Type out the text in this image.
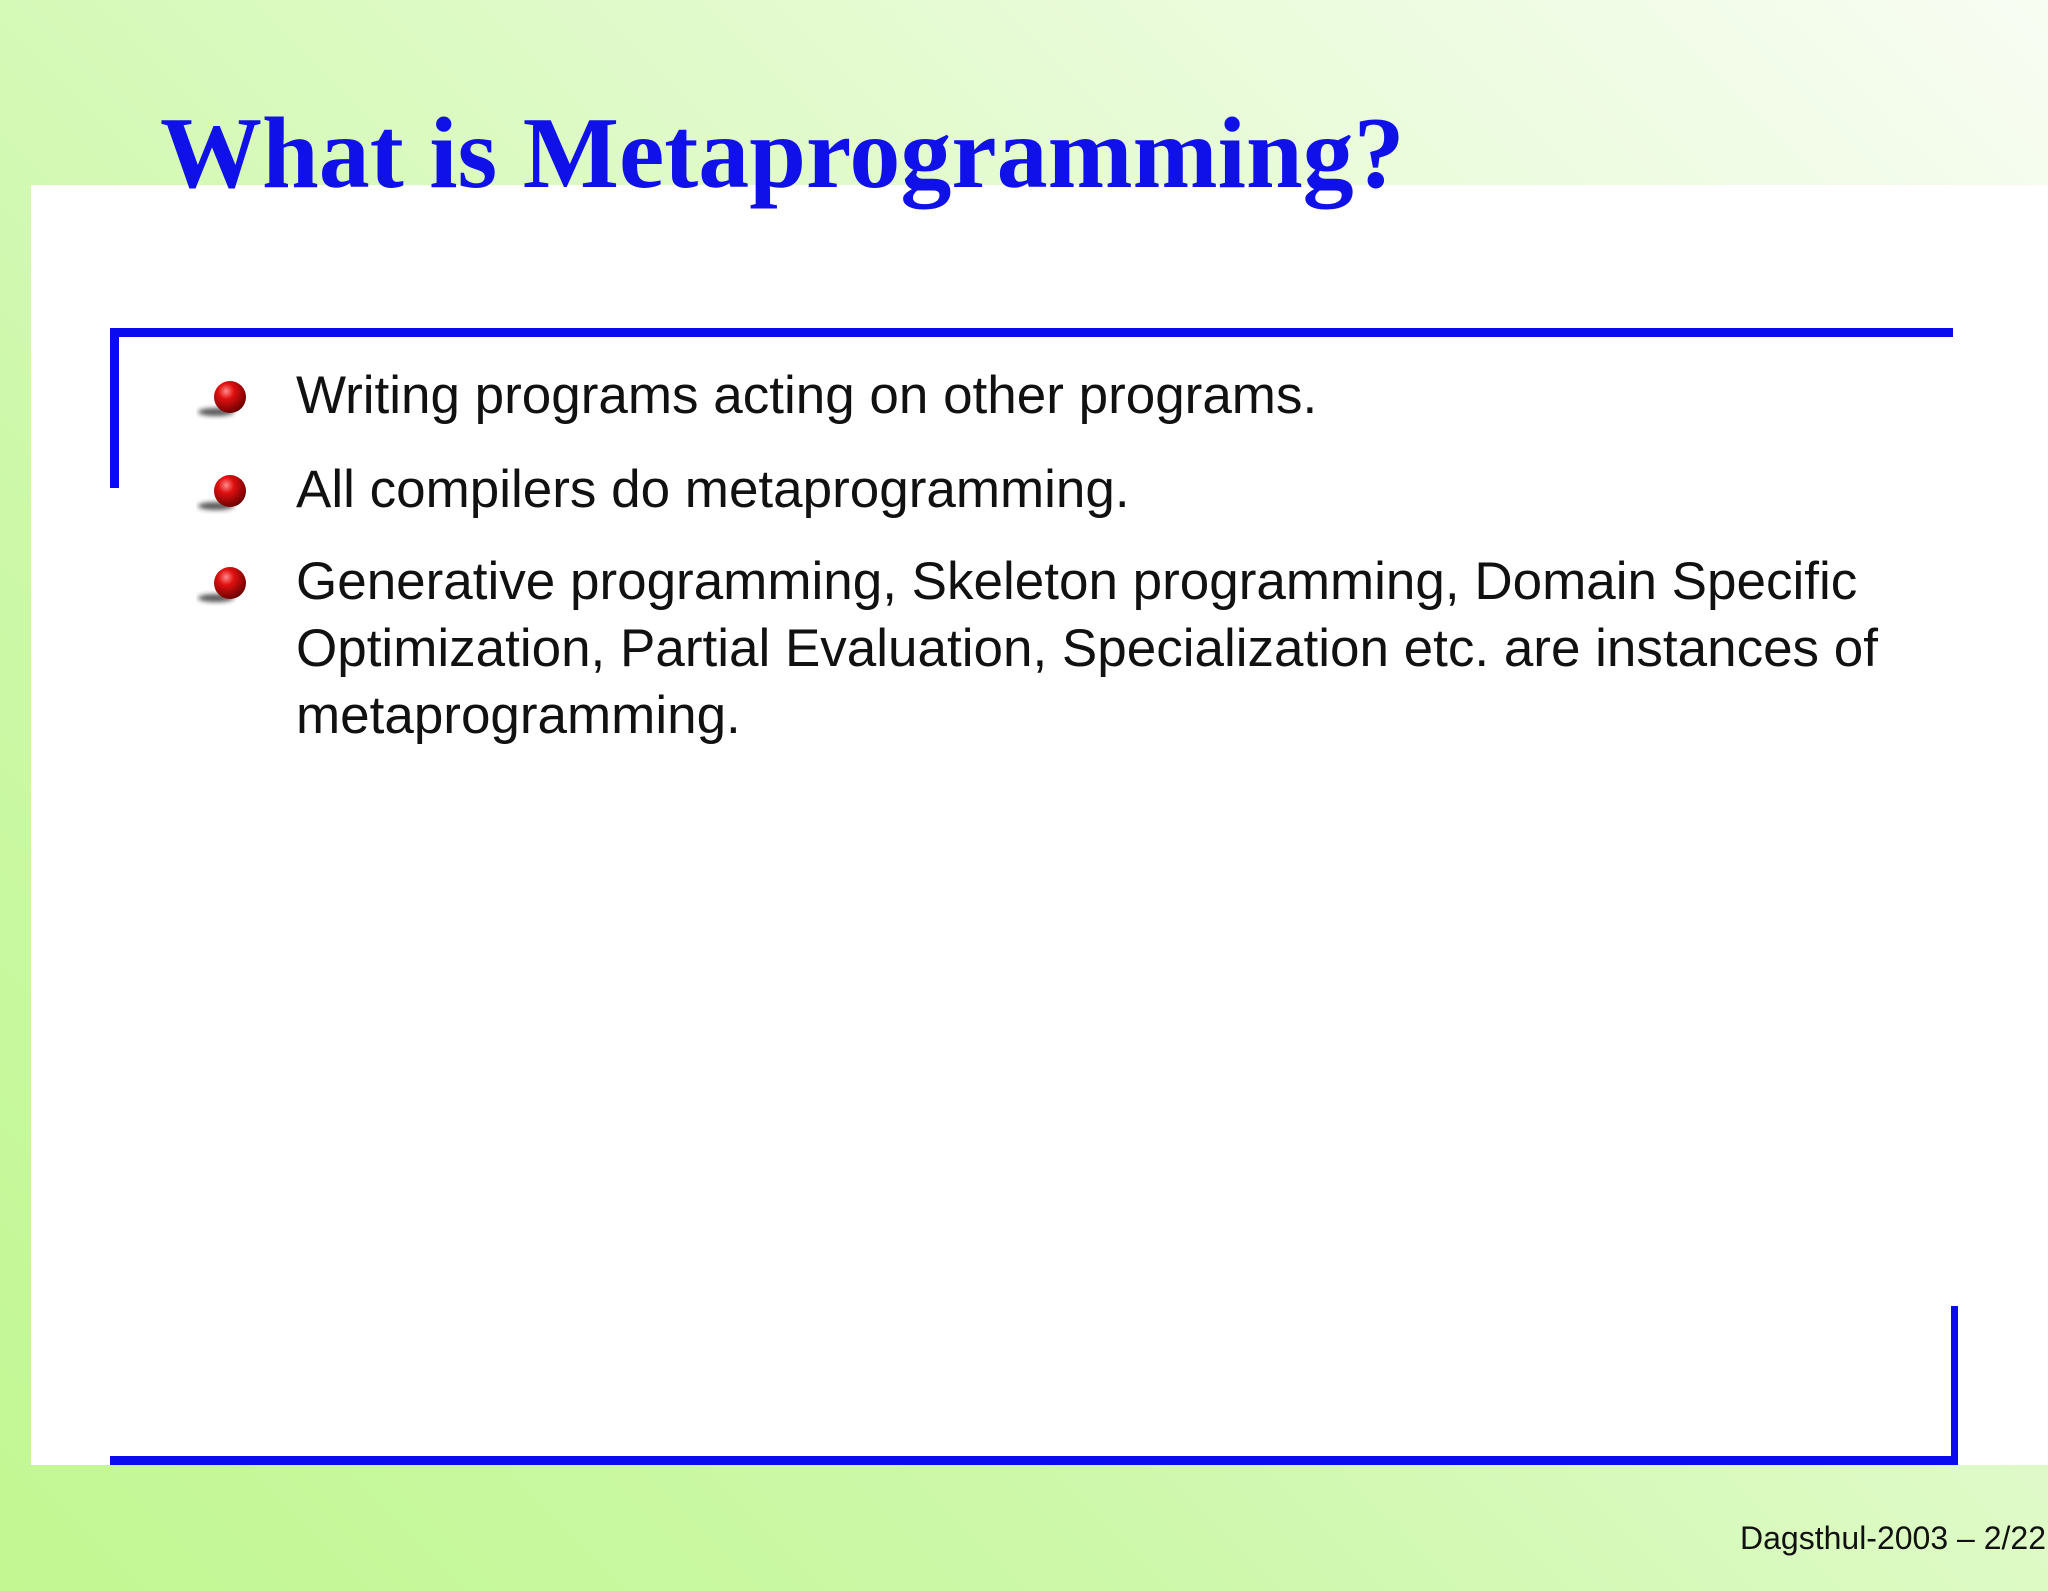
What is Metaprogramming?
Writing programs acting on other programs.
All compilers do metaprogramming.
Generative programming, Skeleton programming, Domain Specific Optimization, Partial Evaluation, Specialization etc. are instances of metaprogramming.
Dagsthul-2003 – 2/22
